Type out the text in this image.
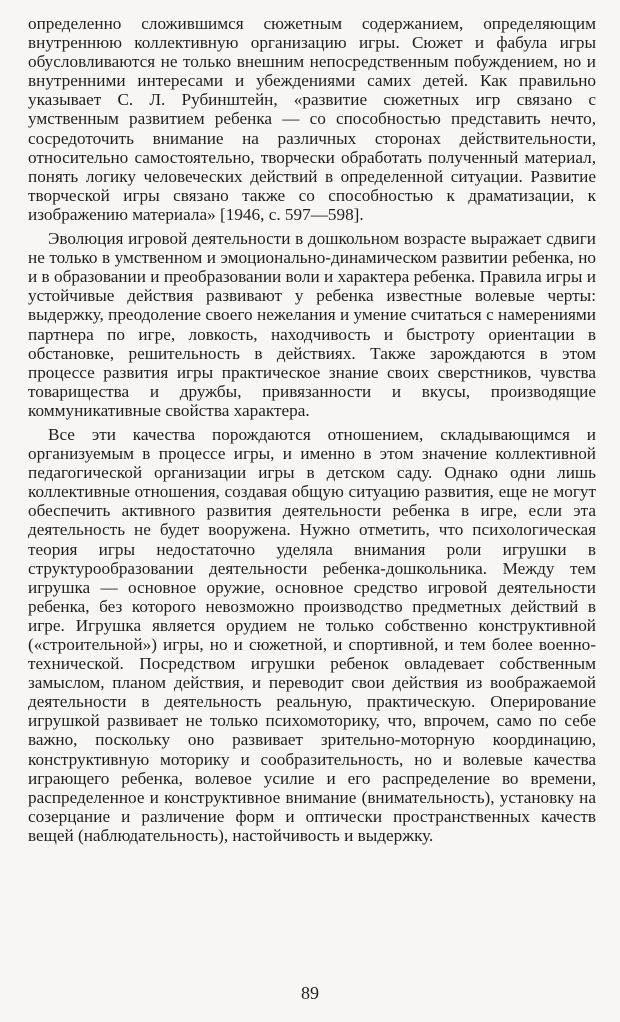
определенно сложившимся сюжетным содержанием, определяющим внутреннюю коллективную организацию игры. Сюжет и фабула игры обусловливаются не только внешним непосредственным побуждением, но и внутренними интересами и убеждениями самих детей. Как правильно указывает С. Л. Рубинштейн, «развитие сюжетных игр связано с умственным развитием ребенка — со способностью представить нечто, сосредоточить внимание на различных сторонах действительности, относительно самостоятельно, творчески обработать полученный материал, понять логику человеческих действий в определенной ситуации. Развитие творческой игры связано также со способностью к драматизации, к изображению материала» [1946, с. 597—598].

Эволюция игровой деятельности в дошкольном возрасте выражает сдвиги не только в умственном и эмоционально-динамическом развитии ребенка, но и в образовании и преобразовании воли и характера ребенка. Правила игры и устойчивые действия развивают у ребенка известные волевые черты: выдержку, преодоление своего нежелания и умение считаться с намерениями партнера по игре, ловкость, находчивость и быстроту ориентации в обстановке, решительность в действиях. Также зарождаются в этом процессе развития игры практическое знание своих сверстников, чувства товарищества и дружбы, привязанности и вкусы, производящие коммуникативные свойства характера.

Все эти качества порождаются отношением, складывающимся и организуемым в процессе игры, и именно в этом значение коллективной педагогической организации игры в детском саду. Однако одни лишь коллективные отношения, создавая общую ситуацию развития, еще не могут обеспечить активного развития деятельности ребенка в игре, если эта деятельность не будет вооружена. Нужно отметить, что психологическая теория игры недостаточно уделяла внимания роли игрушки в структурообразовании деятельности ребенка-дошкольника. Между тем игрушка — основное оружие, основное средство игровой деятельности ребенка, без которого невозможно производство предметных действий в игре. Игрушка является орудием не только собственно конструктивной («строительной») игры, но и сюжетной, и спортивной, и тем более военно-технической. Посредством игрушки ребенок овладевает собственным замыслом, планом действия, и переводит свои действия из воображаемой деятельности в деятельность реальную, практическую. Оперирование игрушкой развивает не только психомоторику, что, впрочем, само по себе важно, поскольку оно развивает зрительно-моторную координацию, конструктивную моторику и сообразительность, но и волевые качества играющего ребенка, волевое усилие и его распределение во времени, распределенное и конструктивное внимание (внимательность), установку на созерцание и различение форм и оптически пространственных качеств вещей (наблюдательность), настойчивость и выдержку.

89
